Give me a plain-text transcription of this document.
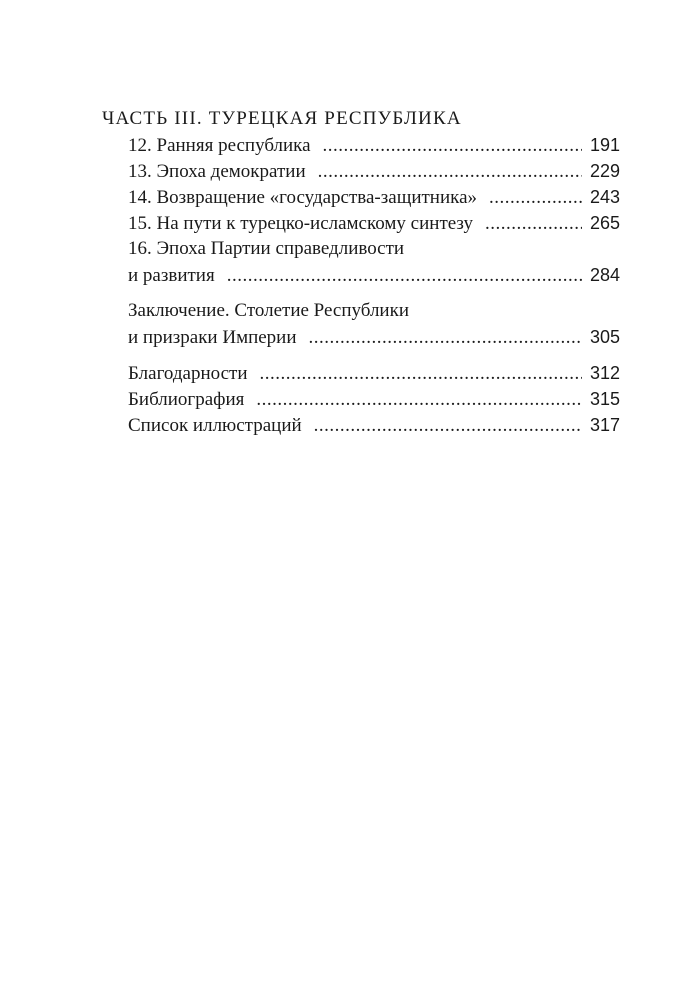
ЧАСТЬ III. ТУРЕЦКАЯ РЕСПУБЛИКА
12. Ранняя республика .....	191
13. Эпоха демократии .....	229
14. Возвращение «государства-защитника» .....	243
15. На пути к турецко-исламскому синтезу .....	265
16. Эпоха Партии справедливости
и развития .....	284
Заключение. Столетие Республики
и призраки Империи .....	305
Благодарности .....	312
Библиография .....	315
Список иллюстраций .....	317
